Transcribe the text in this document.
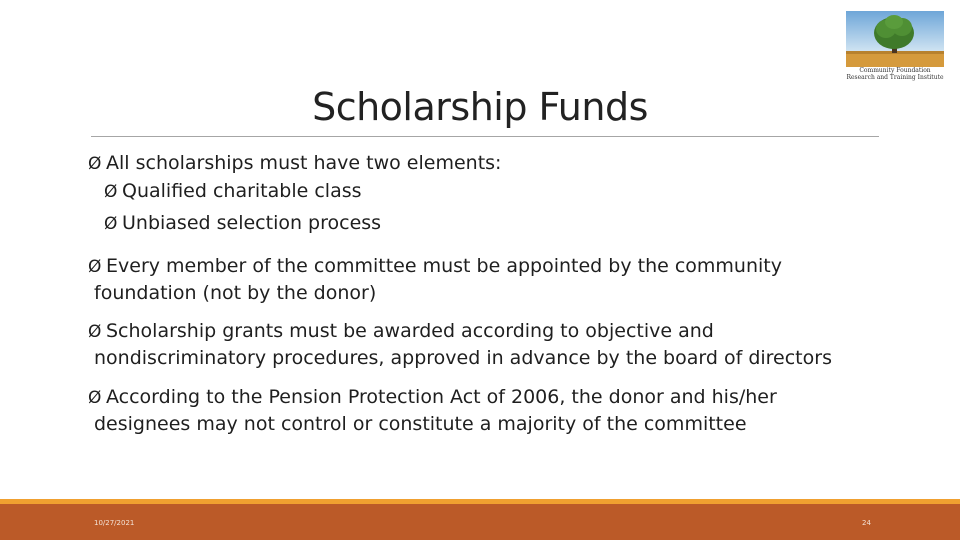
Community Foundation
Research and Training Institute
Scholarship Funds
Ø All scholarships must have two elements:
Ø Qualified charitable class
Ø Unbiased selection process
Ø Every member of the committee must be appointed by the community
foundation (not by the donor)
Ø Scholarship grants must be awarded according to objective and
nondiscriminatory procedures, approved in advance by the board of directors
Ø According to the Pension Protection Act of 2006, the donor and his/her
designees may not control or constitute a majority of the committee
10/27/2021	24
